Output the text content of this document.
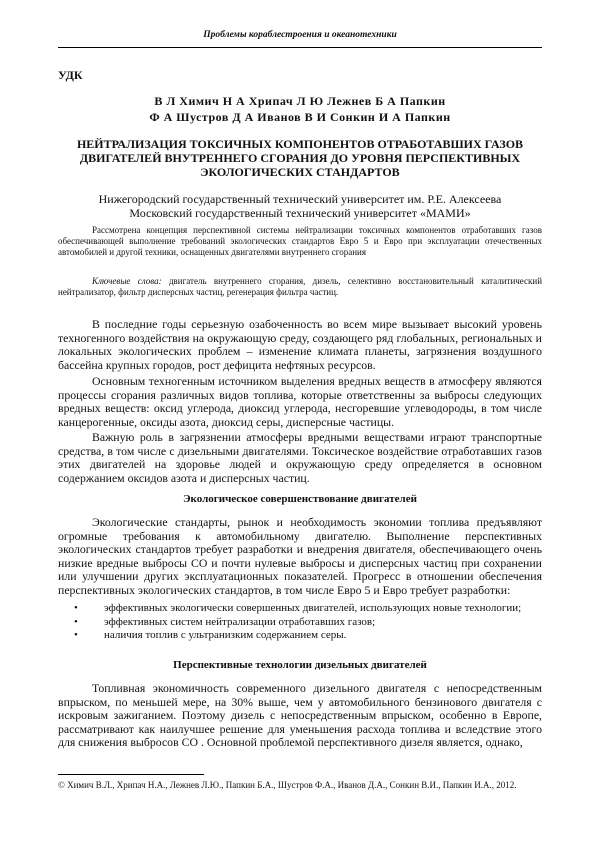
Проблемы кораблестроения и океанотехники
УДК
В Л Химич Н А Хрипач Л Ю Лежнев Б А Папкин
Ф А Шустров Д А Иванов В И Сонкин И А Папкин
НЕЙТРАЛИЗАЦИЯ ТОКСИЧНЫХ КОМПОНЕНТОВ ОТРАБОТАВШИХ ГАЗОВ
ДВИГАТЕЛЕЙ ВНУТРЕННЕГО СГОРАНИЯ ДО УРОВНЯ ПЕРСПЕКТИВНЫХ
ЭКОЛОГИЧЕСКИХ СТАНДАРТОВ
Нижегородский государственный технический университет им. Р.Е. Алексеева
Московский государственный технический университет «МАМИ»
Рассмотрена концепция перспективной системы нейтрализации токсичных компонентов отработавших газов обеспечивающей выполнение требований экологических стандартов Евро 5 и Евро при эксплуатации отечественных автомобилей и другой техники, оснащенных двигателями внутреннего сгорания
Ключевые слова: двигатель внутреннего сгорания, дизель, селективно восстановительный каталитический нейтрализатор, фильтр дисперсных частиц, регенерация фильтра частиц.

В последние годы серьезную озабоченность во всем мире вызывает высокий уровень техногенного воздействия на окружающую среду, создающего ряд глобальных, региональных и локальных экологических проблем – изменение климата планеты, загрязнения воздушного бассейна крупных городов, рост дефицита нефтяных ресурсов.

Основным техногенным источником выделения вредных веществ в атмосферу являются процессы сгорания различных видов топлива, которые ответственны за выбросы следующих вредных веществ: оксид углерода, диоксид углерода, несгоревшие углеводороды, в том числе канцерогенные, оксиды азота, диоксид серы, дисперсные частицы.

Важную роль в загрязнении атмосферы вредными веществами играют транспортные средства, в том числе с дизельными двигателями. Токсическое воздействие отработавших газов этих двигателей на здоровье людей и окружающую среду определяется в основном содержанием оксидов азота и дисперсных частиц.

Экологическое совершенствование двигателей

Экологические стандарты, рынок и необходимость экономии топлива предъявляют огромные требования к автомобильному двигателю. Выполнение перспективных экологических стандартов требует разработки и внедрения двигателя, обеспечивающего очень низкие вредные выбросы CO и почти нулевые выбросы и дисперсных частиц при сохранении или улучшении других эксплуатационных показателей. Прогресс в отношении обеспечения перспективных экологических стандартов, в том числе Евро 5 и Евро требует разработки:

• эффективных экологически совершенных двигателей, использующих новые технологии;
• эффективных систем нейтрализации отработавших газов;
• наличия топлив с ультранизким содержанием серы.
Перспективные технологии дизельных двигателей

Топливная экономичность современного дизельного двигателя с непосредственным впрыском, по меньшей мере, на 30% выше, чем у автомобильного бензинового двигателя с искровым зажиганием. Поэтому дизель с непосредственным впрыском, особенно в Европе, рассматривают как наилучшее решение для уменьшения расхода топлива и вследствие этого для снижения выбросов CO . Основной проблемой перспективного дизеля является, однако,

© Химич В.Л., Хрипач Н.А., Лежнев Л.Ю., Папкин Б.А., Шустров Ф.А., Иванов Д.А., Сонкин В.И., Папкин И.А., 2012.
